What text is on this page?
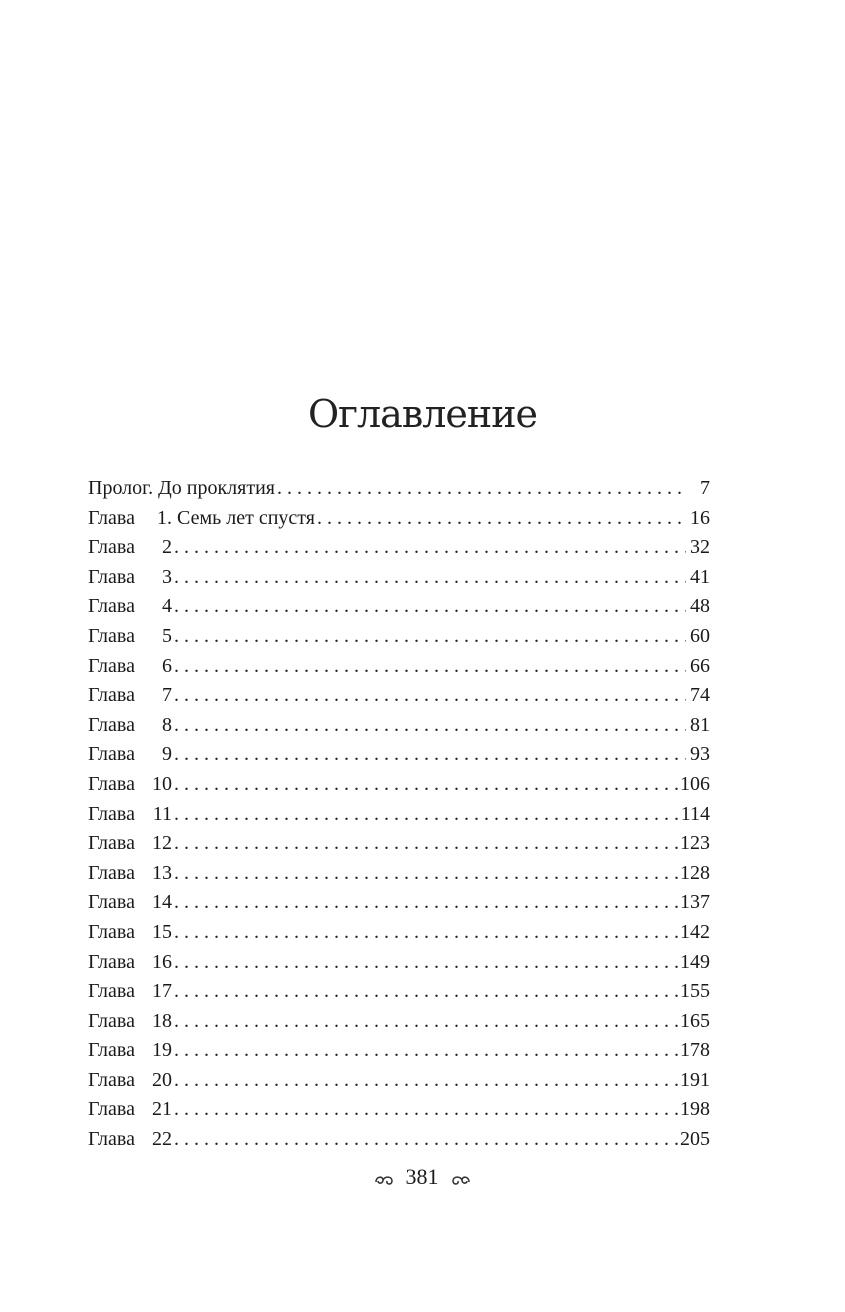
Оглавление
Пролог. До проклятия . . .	7
Глава 1. Семь лет спустя . . .	16
Глава 2 . . .	32
Глава 3 . . .	41
Глава 4 . . .	48
Глава 5 . . .	60
Глава 6 . . .	66
Глава 7 . . .	74
Глава 8 . . .	81
Глава 9 . . .	93
Глава 10 . . .	106
Глава 11 . . .	114
Глава 12 . . .	123
Глава 13 . . .	128
Глава 14 . . .	137
Глава 15 . . .	142
Глава 16 . . .	149
Глава 17 . . .	155
Глава 18 . . .	165
Глава 19 . . .	178
Глава 20 . . .	191
Глава 21 . . .	198
Глава 22 . . .	205
381
